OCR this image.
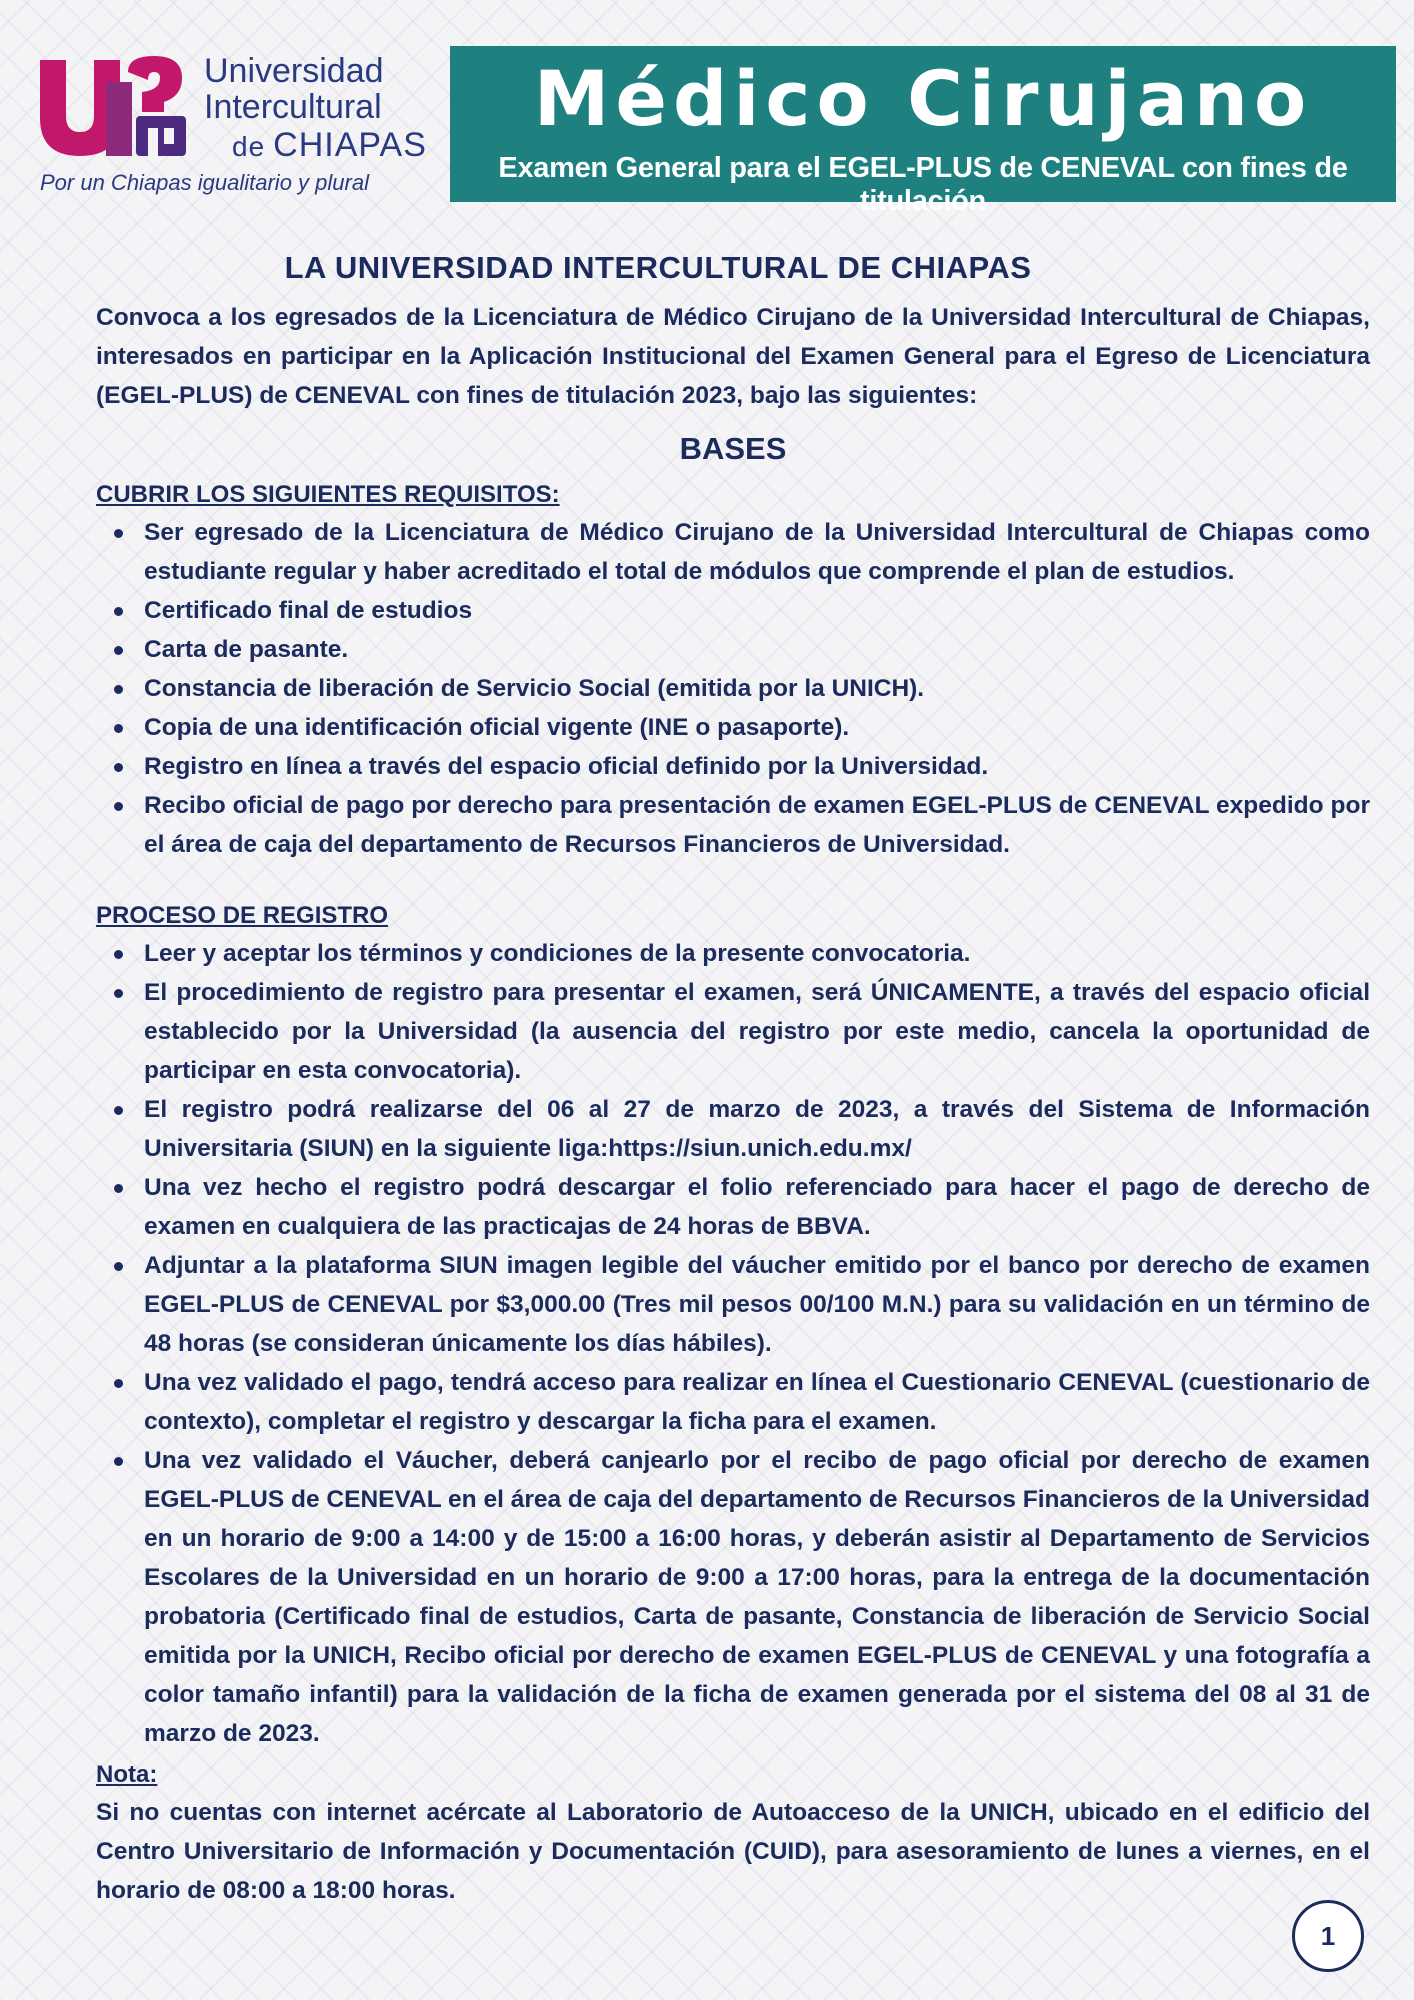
Universidad
Intercultural
de CHIAPAS
Por un Chiapas igualitario y plural
Médico Cirujano
Examen General para el EGEL-PLUS de CENEVAL con fines de titulación
LA UNIVERSIDAD INTERCULTURAL DE CHIAPAS

Convoca a los egresados de la Licenciatura de Médico Cirujano de la Universidad Intercultural de Chiapas, interesados en participar en la Aplicación Institucional del Examen General para el Egreso de Licenciatura (EGEL-PLUS) de CENEVAL con fines de titulación 2023, bajo las siguientes:

BASES
CUBRIR LOS SIGUIENTES REQUISITOS:
Ser egresado de la Licenciatura de Médico Cirujano de la Universidad Intercultural de Chiapas como estudiante regular y haber acreditado el total de módulos que comprende el plan de estudios.
Certificado final de estudios
Carta de pasante.
Constancia de liberación de Servicio Social (emitida por la UNICH).
Copia de una identificación oficial vigente (INE o pasaporte).
Registro en línea a través del espacio oficial definido por la Universidad.
Recibo oficial de pago por derecho para presentación de examen EGEL-PLUS de CENEVAL expedido por el área de caja del departamento de Recursos Financieros de Universidad.
PROCESO DE REGISTRO
Leer y aceptar los términos y condiciones de la presente convocatoria.
El procedimiento de registro para presentar el examen, será ÚNICAMENTE, a través del espacio oficial establecido por la Universidad (la ausencia del registro por este medio, cancela la oportunidad de participar en esta convocatoria).
El registro podrá realizarse del 06 al 27 de marzo de 2023, a través del Sistema de Información Universitaria (SIUN) en la siguiente liga:https://siun.unich.edu.mx/
Una vez hecho el registro podrá descargar el folio referenciado para hacer el pago de derecho de examen en cualquiera de las practicajas de 24 horas de BBVA.
Adjuntar a la plataforma SIUN imagen legible del váucher emitido por el banco por derecho de examen EGEL-PLUS de CENEVAL por $3,000.00 (Tres mil pesos 00/100 M.N.) para su validación en un término de 48 horas (se consideran únicamente los días hábiles).
Una vez validado el pago, tendrá acceso para realizar en línea el Cuestionario CENEVAL (cuestionario de contexto), completar el registro y descargar la ficha para el examen.
Una vez validado el Váucher, deberá canjearlo por el recibo de pago oficial por derecho de examen EGEL-PLUS de CENEVAL en el área de caja del departamento de Recursos Financieros de la Universidad en un horario de 9:00 a 14:00 y de 15:00 a 16:00 horas, y deberán asistir al Departamento de Servicios Escolares de la Universidad en un horario de 9:00 a 17:00 horas, para la entrega de la documentación probatoria (Certificado final de estudios, Carta de pasante, Constancia de liberación de Servicio Social emitida por la UNICH, Recibo oficial por derecho de examen EGEL-PLUS de CENEVAL y una fotografía a color tamaño infantil) para la validación de la ficha de examen generada por el sistema del 08 al 31 de marzo de 2023.
Nota:

Si no cuentas con internet acércate al Laboratorio de Autoacceso de la UNICH, ubicado en el edificio del Centro Universitario de Información y Documentación (CUID), para asesoramiento de lunes a viernes, en el horario de 08:00 a 18:00 horas.

1
